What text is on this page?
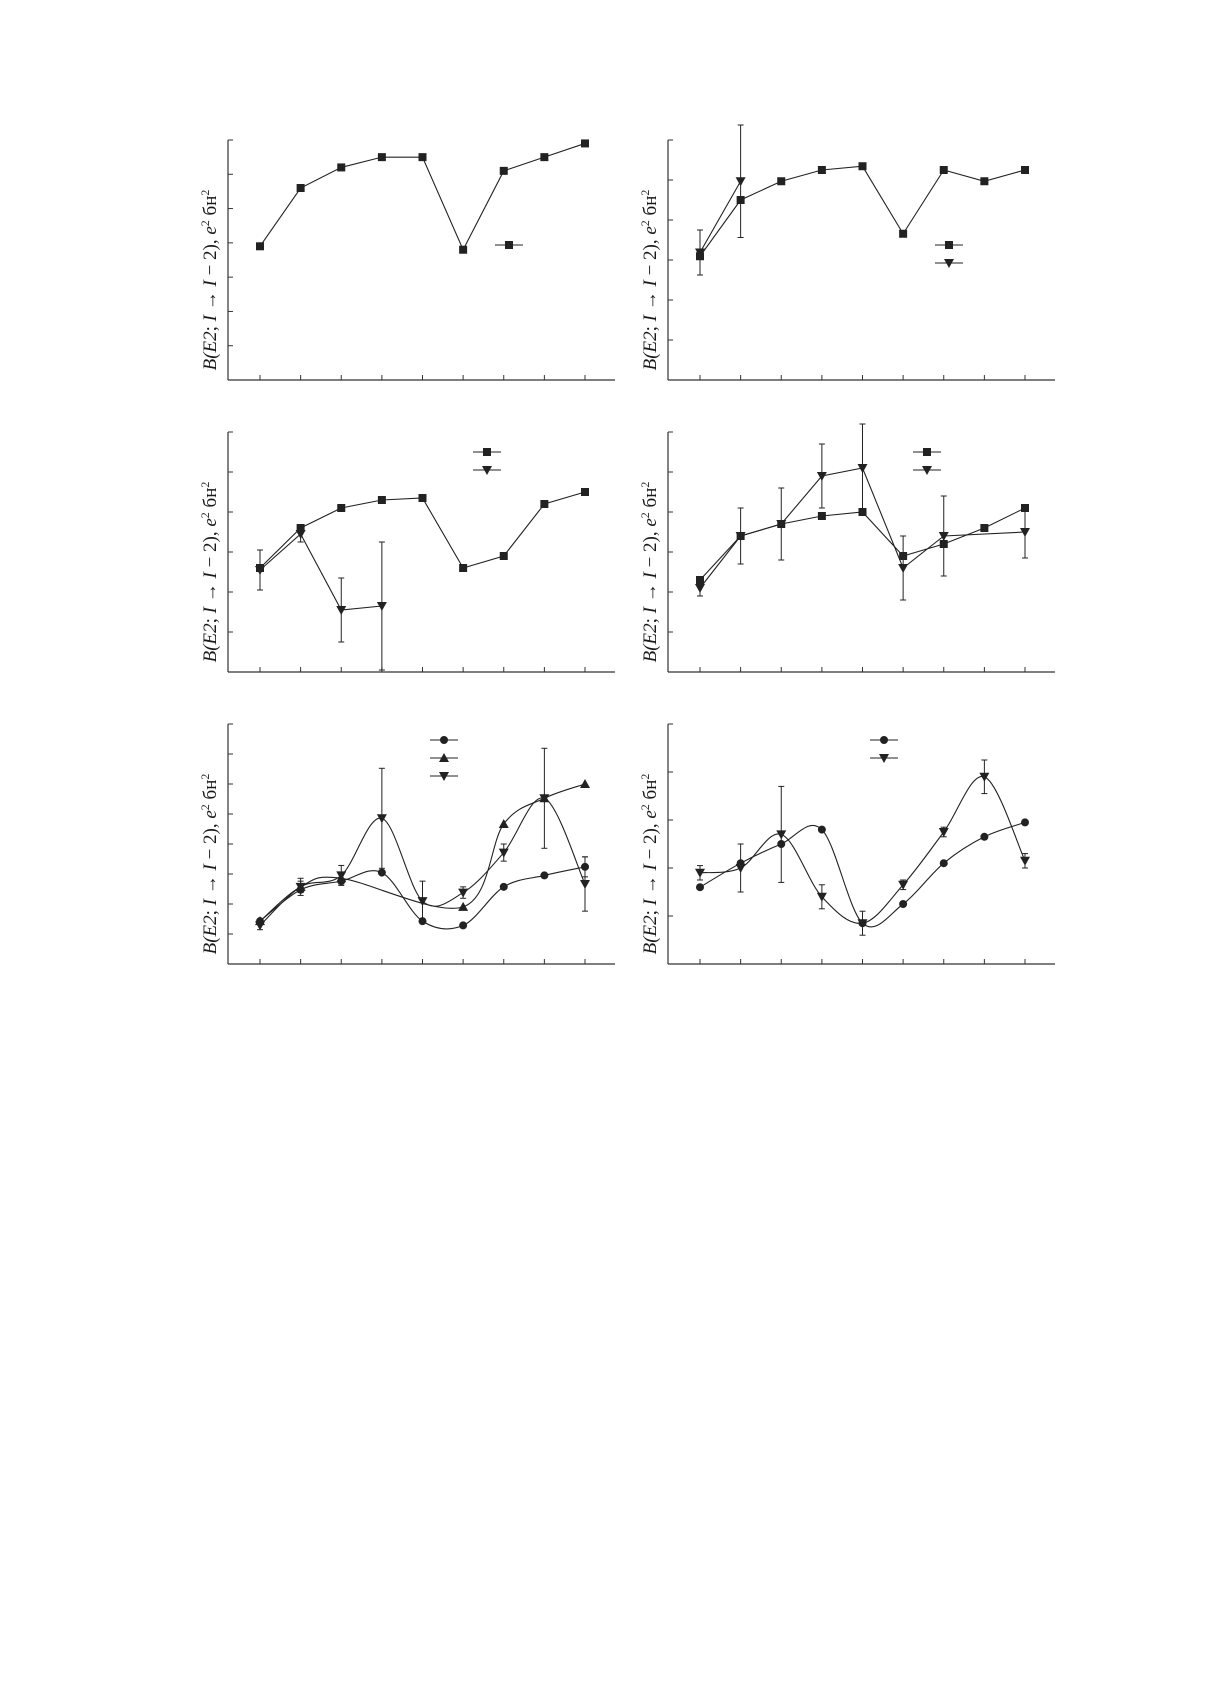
B(E2; I → I − 2), $e^2$ $бн^2$
B(E2; I → I − 2), $e^2$ $бн^2$
B(E2; I → I − 2), $e^2$ $бн^2$
B(E2; I → I − 2), $e^2$ $бн^2$
B(E2; I → I − 2), $e^2$ $бн^2$
B(E2; I → I − 2), $e^2$ $бн^2$
